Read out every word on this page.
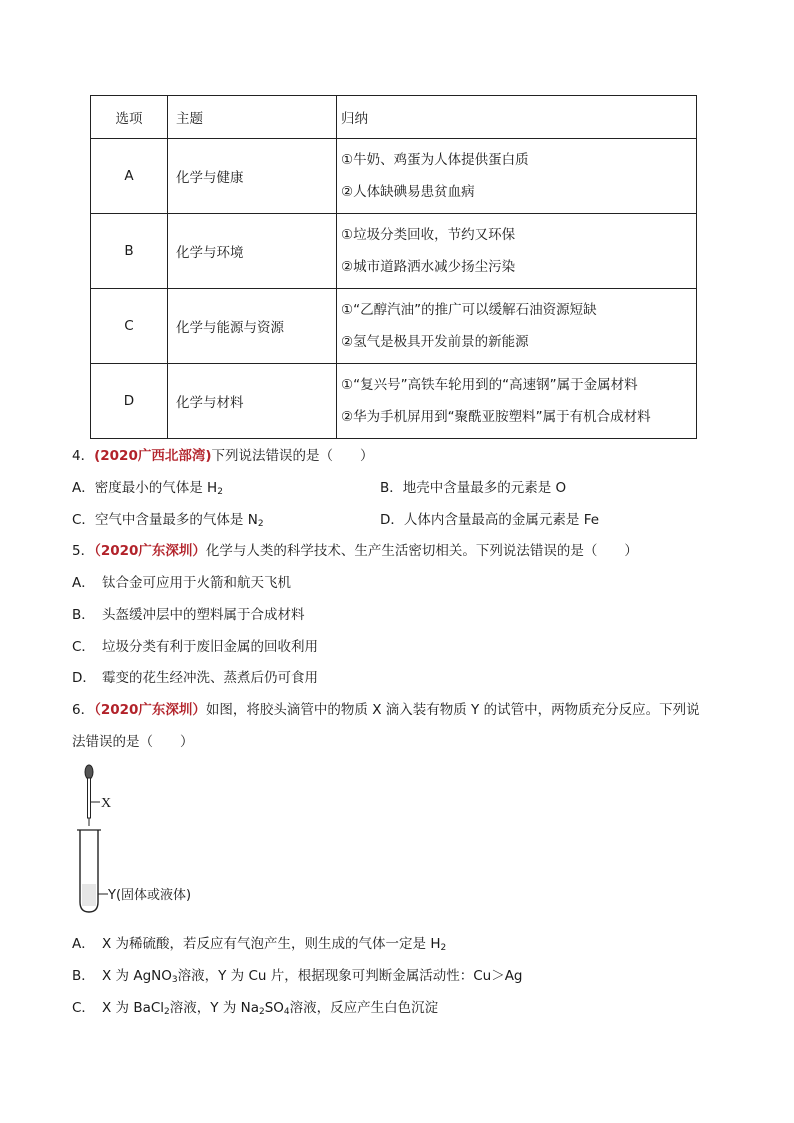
选项	主题	归纳
A	化学与健康	①牛奶、鸡蛋为人体提供蛋白质
②人体缺碘易患贫血病

B	化学与环境	①垃圾分类回收，节约又环保
②城市道路洒水减少扬尘污染

C	化学与能源与资源	①“乙醇汽油”的推广可以缓解石油资源短缺
②氢气是极具开发前景的新能源

D	化学与材料	①“复兴号”高铁车轮用到的“高速钢”属于金属材料
②华为手机屏用到“聚酰亚胺塑料”属于有机合成材料
4．(2020广西北部湾)下列说法错误的是（　　）
A．密度最小的气体是 $H_2$	B．地壳中含量最多的元素是 O
C．空气中含量最多的气体是 $N_2$	D．人体内含量最高的金属元素是 Fe
5．（2020广东深圳）化学与人类的科学技术、生产生活密切相关。下列说法错误的是（　　）
A． 钛合金可应用于火箭和航天飞机
B． 头盔缓冲层中的塑料属于合成材料
C． 垃圾分类有利于废旧金属的回收利用
D． 霉变的花生经冲洗、蒸煮后仍可食用
6．（2020广东深圳）如图，将胶头滴管中的物质 X 滴入装有物质 Y 的试管中，两物质充分反应。下列说
法错误的是（　　）
X
Y(固体或液体)
A． X 为稀硫酸，若反应有气泡产生，则生成的气体一定是 $H_2$
B． X 为 AgNO$_3$溶液，Y 为 Cu 片，根据现象可判断金属活动性：Cu＞Ag
C． X 为 BaCl$_2$溶液，Y 为 $Na_2SO_4$溶液，反应产生白色沉淀
